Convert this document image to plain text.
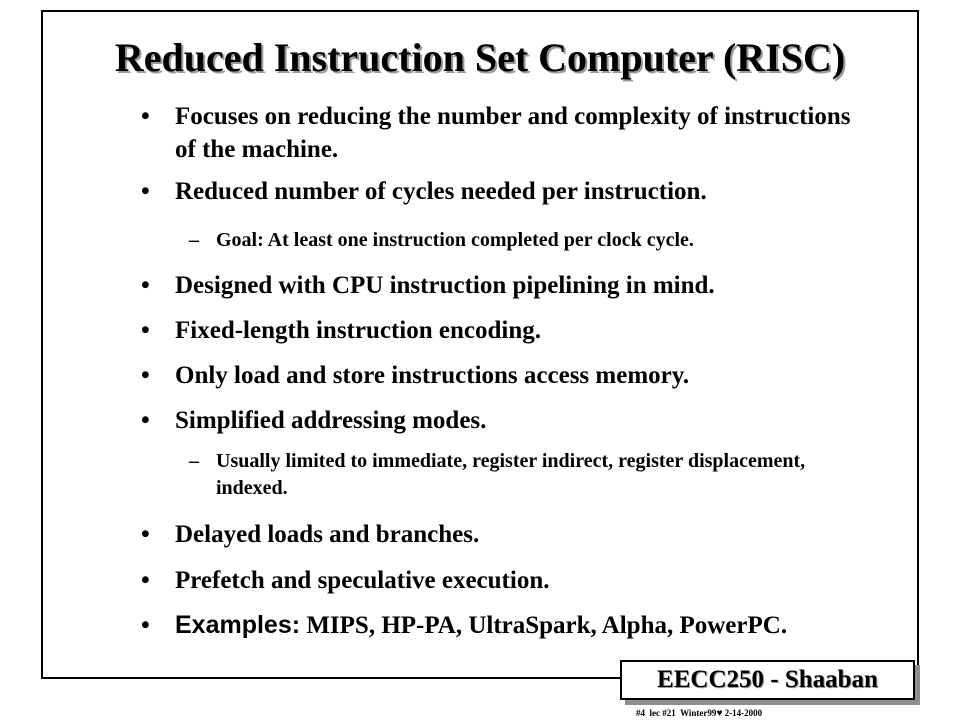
Reduced Instruction Set Computer (RISC)
•	Focuses on reducing the number and complexity of instructions of the machine.
•	Reduced number of cycles needed per instruction.
– Goal: At least one instruction completed per clock cycle.
•	Designed with CPU instruction pipelining in mind.
•	Fixed-length instruction encoding.
•	Only load and store instructions access memory.
•	Simplified addressing modes.
– Usually limited to immediate, register indirect, register displacement, indexed.
•	Delayed loads and branches.
•	Prefetch and speculative execution.
•	Examples: MIPS, HP-PA, UltraSpark, Alpha, PowerPC.
EECC250 - Shaaban
#4 lec #21 Winter99♥ 2-14-2000
